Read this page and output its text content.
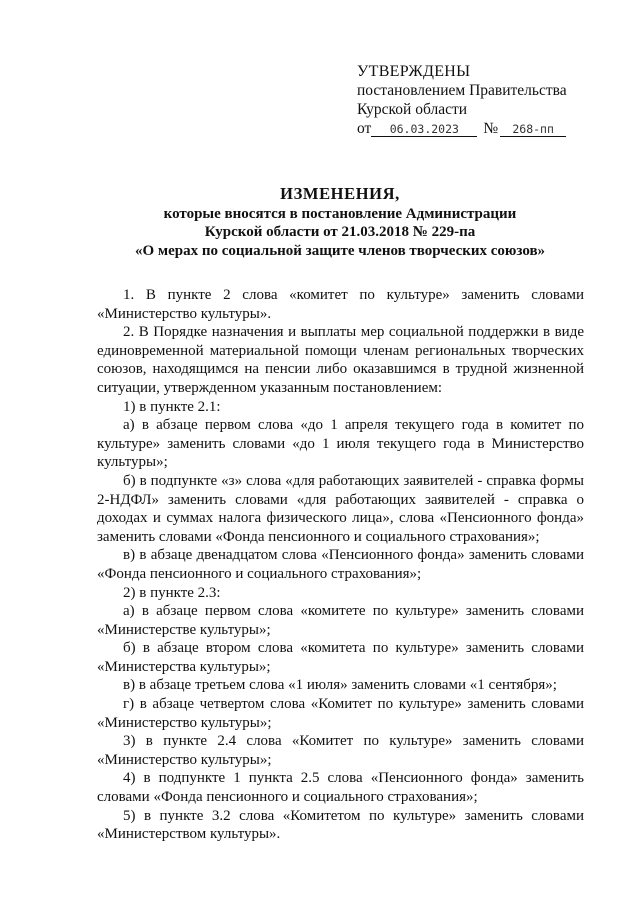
УТВЕРЖДЕНЫ
постановлением Правительства
Курской области
от	06.03.2023	№	268-пп
ИЗМЕНЕНИЯ,
которые вносятся в постановление Администрации
Курской области от 21.03.2018 № 229-па
«О мерах по социальной защите членов творческих союзов»

1. В пункте 2 слова «комитет по культуре» заменить словами «Министерство культуры».

2. В Порядке назначения и выплаты мер социальной поддержки в виде единовременной материальной помощи членам региональных творческих союзов, находящимся на пенсии либо оказавшимся в трудной жизненной ситуации, утвержденном указанным постановлением:

1) в пункте 2.1:

а) в абзаце первом слова «до 1 апреля текущего года в комитет по культуре» заменить словами «до 1 июля текущего года в Министерство культуры»;

б) в подпункте «з» слова «для работающих заявителей - справка формы 2-НДФЛ» заменить словами «для работающих заявителей - справка о доходах и суммах налога физического лица», слова «Пенсионного фонда» заменить словами «Фонда пенсионного и социального страхования»;

в) в абзаце двенадцатом слова «Пенсионного фонда» заменить словами «Фонда пенсионного и социального страхования»;

2) в пункте 2.3:

а) в абзаце первом слова «комитете по культуре» заменить словами «Министерстве культуры»;

б) в абзаце втором слова «комитета по культуре» заменить словами «Министерства культуры»;

в) в абзаце третьем слова «1 июля» заменить словами «1 сентября»;

г) в абзаце четвертом слова «Комитет по культуре» заменить словами «Министерство культуры»;

3) в пункте 2.4 слова «Комитет по культуре» заменить словами «Министерство культуры»;

4) в подпункте 1 пункта 2.5 слова «Пенсионного фонда» заменить словами «Фонда пенсионного и социального страхования»;

5) в пункте 3.2 слова «Комитетом по культуре» заменить словами «Министерством культуры».
